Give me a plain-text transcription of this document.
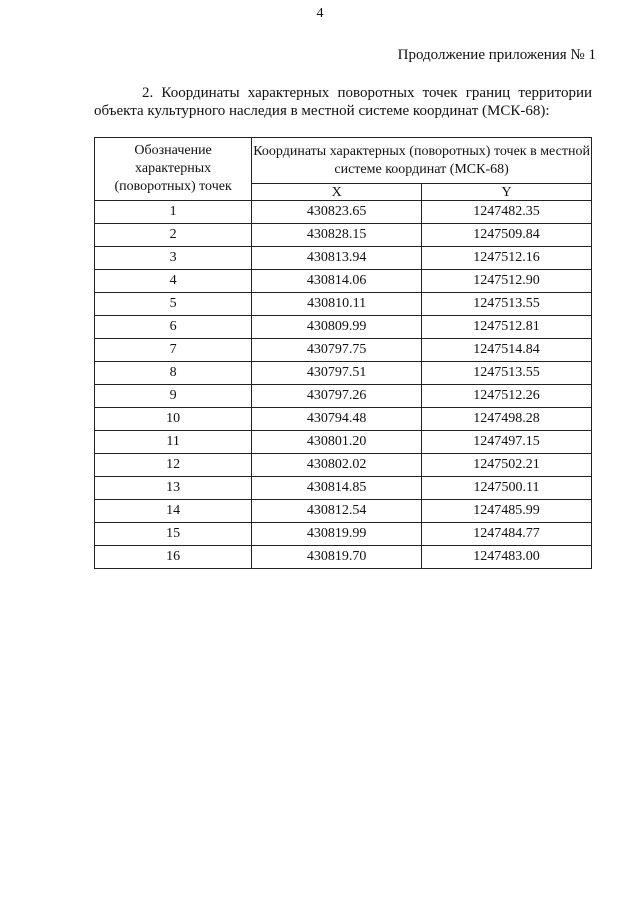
4
Продолжение приложения № 1

2. Координаты характерных поворотных точек границ территории объекта культурного наследия в местной системе координат (МСК-68):

Обозначение характерных (поворотных) точек	Координаты характерных (поворотных) точек в местной системе координат (МСК-68)	
	X	Y
1	430823.65	1247482.35
2	430828.15	1247509.84
3	430813.94	1247512.16
4	430814.06	1247512.90
5	430810.11	1247513.55
6	430809.99	1247512.81
7	430797.75	1247514.84
8	430797.51	1247513.55
9	430797.26	1247512.26
10	430794.48	1247498.28
11	430801.20	1247497.15
12	430802.02	1247502.21
13	430814.85	1247500.11
14	430812.54	1247485.99
15	430819.99	1247484.77
16	430819.70	1247483.00
